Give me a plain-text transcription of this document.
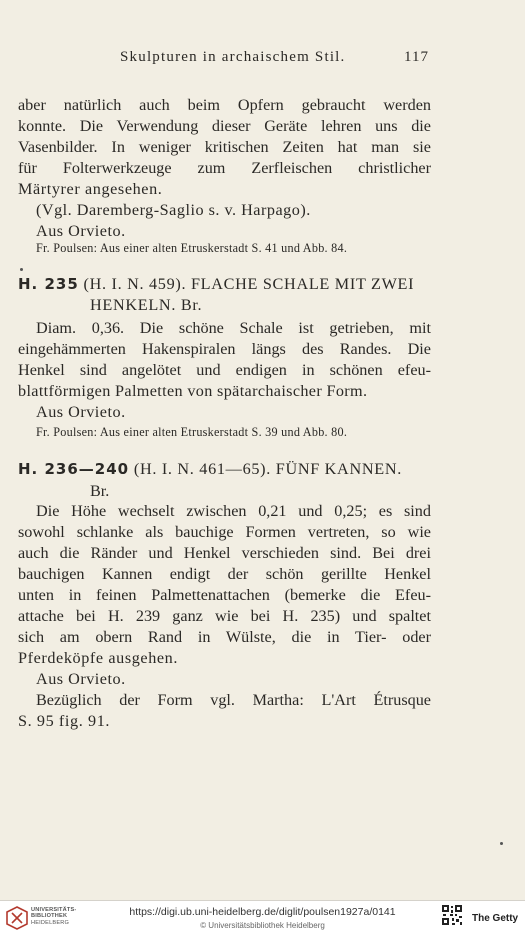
Skulpturen in archaischem Stil.	117
aber natürlich auch beim Opfern gebraucht werden
konnte. Die Verwendung dieser Geräte lehren uns die
Vasenbilder. In weniger kritischen Zeiten hat man sie
für Folterwerkzeuge zum Zerfleischen christlicher
Märtyrer angesehen.
(Vgl. Daremberg-Saglio s. v. Harpago).
Aus Orvieto.
Fr. Poulsen: Aus einer alten Etruskerstadt S. 41 und Abb. 84.
H. 235 (H. I. N. 459). FLACHE SCHALE MIT ZWEI
HENKELN. Br.
Diam. 0,36. Die schöne Schale ist getrieben, mit
eingehämmerten Hakenspiralen längs des Randes. Die
Henkel sind angelötet und endigen in schönen efeu-
blattförmigen Palmetten von spätarchaischer Form.
Aus Orvieto.
Fr. Poulsen: Aus einer alten Etruskerstadt S. 39 und Abb. 80.
H. 236—240 (H. I. N. 461—65). FÜNF KANNEN.
Br.
Die Höhe wechselt zwischen 0,21 und 0,25; es sind
sowohl schlanke als bauchige Formen vertreten, so wie
auch die Ränder und Henkel verschieden sind. Bei drei
bauchigen Kannen endigt der schön gerillte Henkel
unten in feinen Palmettenattachen (bemerke die Efeu-
attache bei H. 239 ganz wie bei H. 235) und spaltet
sich am obern Rand in Wülste, die in Tier- oder
Pferdeköpfe ausgehen.
Aus Orvieto.
Bezüglich der Form vgl. Martha: L'Art Étrusque
S. 95 fig. 91.
UNIVERSITÄTS-
BIBLIOTHEK
HEIDELBERG
https://digi.ub.uni-heidelberg.de/diglit/poulsen1927a/0141
© Universitätsbibliothek Heidelberg
The Getty
